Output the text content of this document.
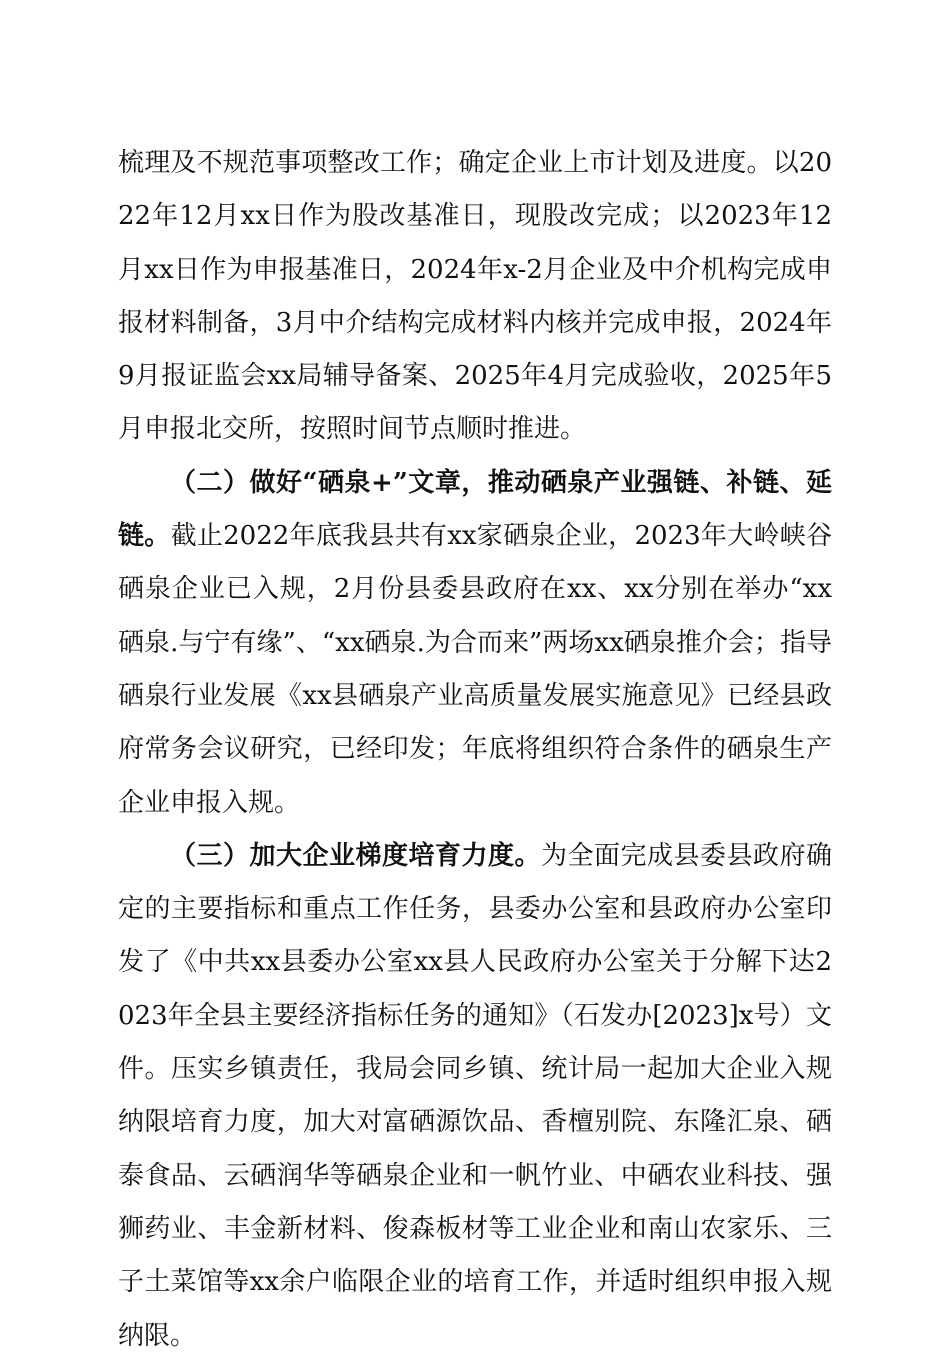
梳理及不规范事项整改工作；确定企业上市计划及进度。以2022年12月xx日作为股改基准日，现股改完成；以2023年12月xx日作为申报基准日，2024年x-2月企业及中介机构完成申报材料制备，3月中介结构完成材料内核并完成申报，2024年9月报证监会xx局辅导备案、2025年4月完成验收，2025年5月申报北交所，按照时间节点顺时推进。

（二）做好“硒泉+”文章，推动硒泉产业强链、补链、延链。截止2022年底我县共有xx家硒泉企业，2023年大岭峡谷硒泉企业已入规，2月份县委县政府在xx、xx分别在举办“xx硒泉.与宁有缘”、“xx硒泉.为合而来”两场xx硒泉推介会；指导硒泉行业发展《xx县硒泉产业高质量发展实施意见》已经县政府常务会议研究，已经印发；年底将组织符合条件的硒泉生产企业申报入规。

（三）加大企业梯度培育力度。为全面完成县委县政府确定的主要指标和重点工作任务，县委办公室和县政府办公室印发了《中共xx县委办公室xx县人民政府办公室关于分解下达2023年全县主要经济指标任务的通知》（石发办[2023]x号）文件。压实乡镇责任，我局会同乡镇、统计局一起加大企业入规纳限培育力度，加大对富硒源饮品、香檀别院、东隆汇泉、硒泰食品、云硒润华等硒泉企业和一帆竹业、中硒农业科技、强狮药业、丰金新材料、俊森板材等工业企业和南山农家乐、三子土菜馆等xx余户临限企业的培育工作，并适时组织申报入规纳限。
